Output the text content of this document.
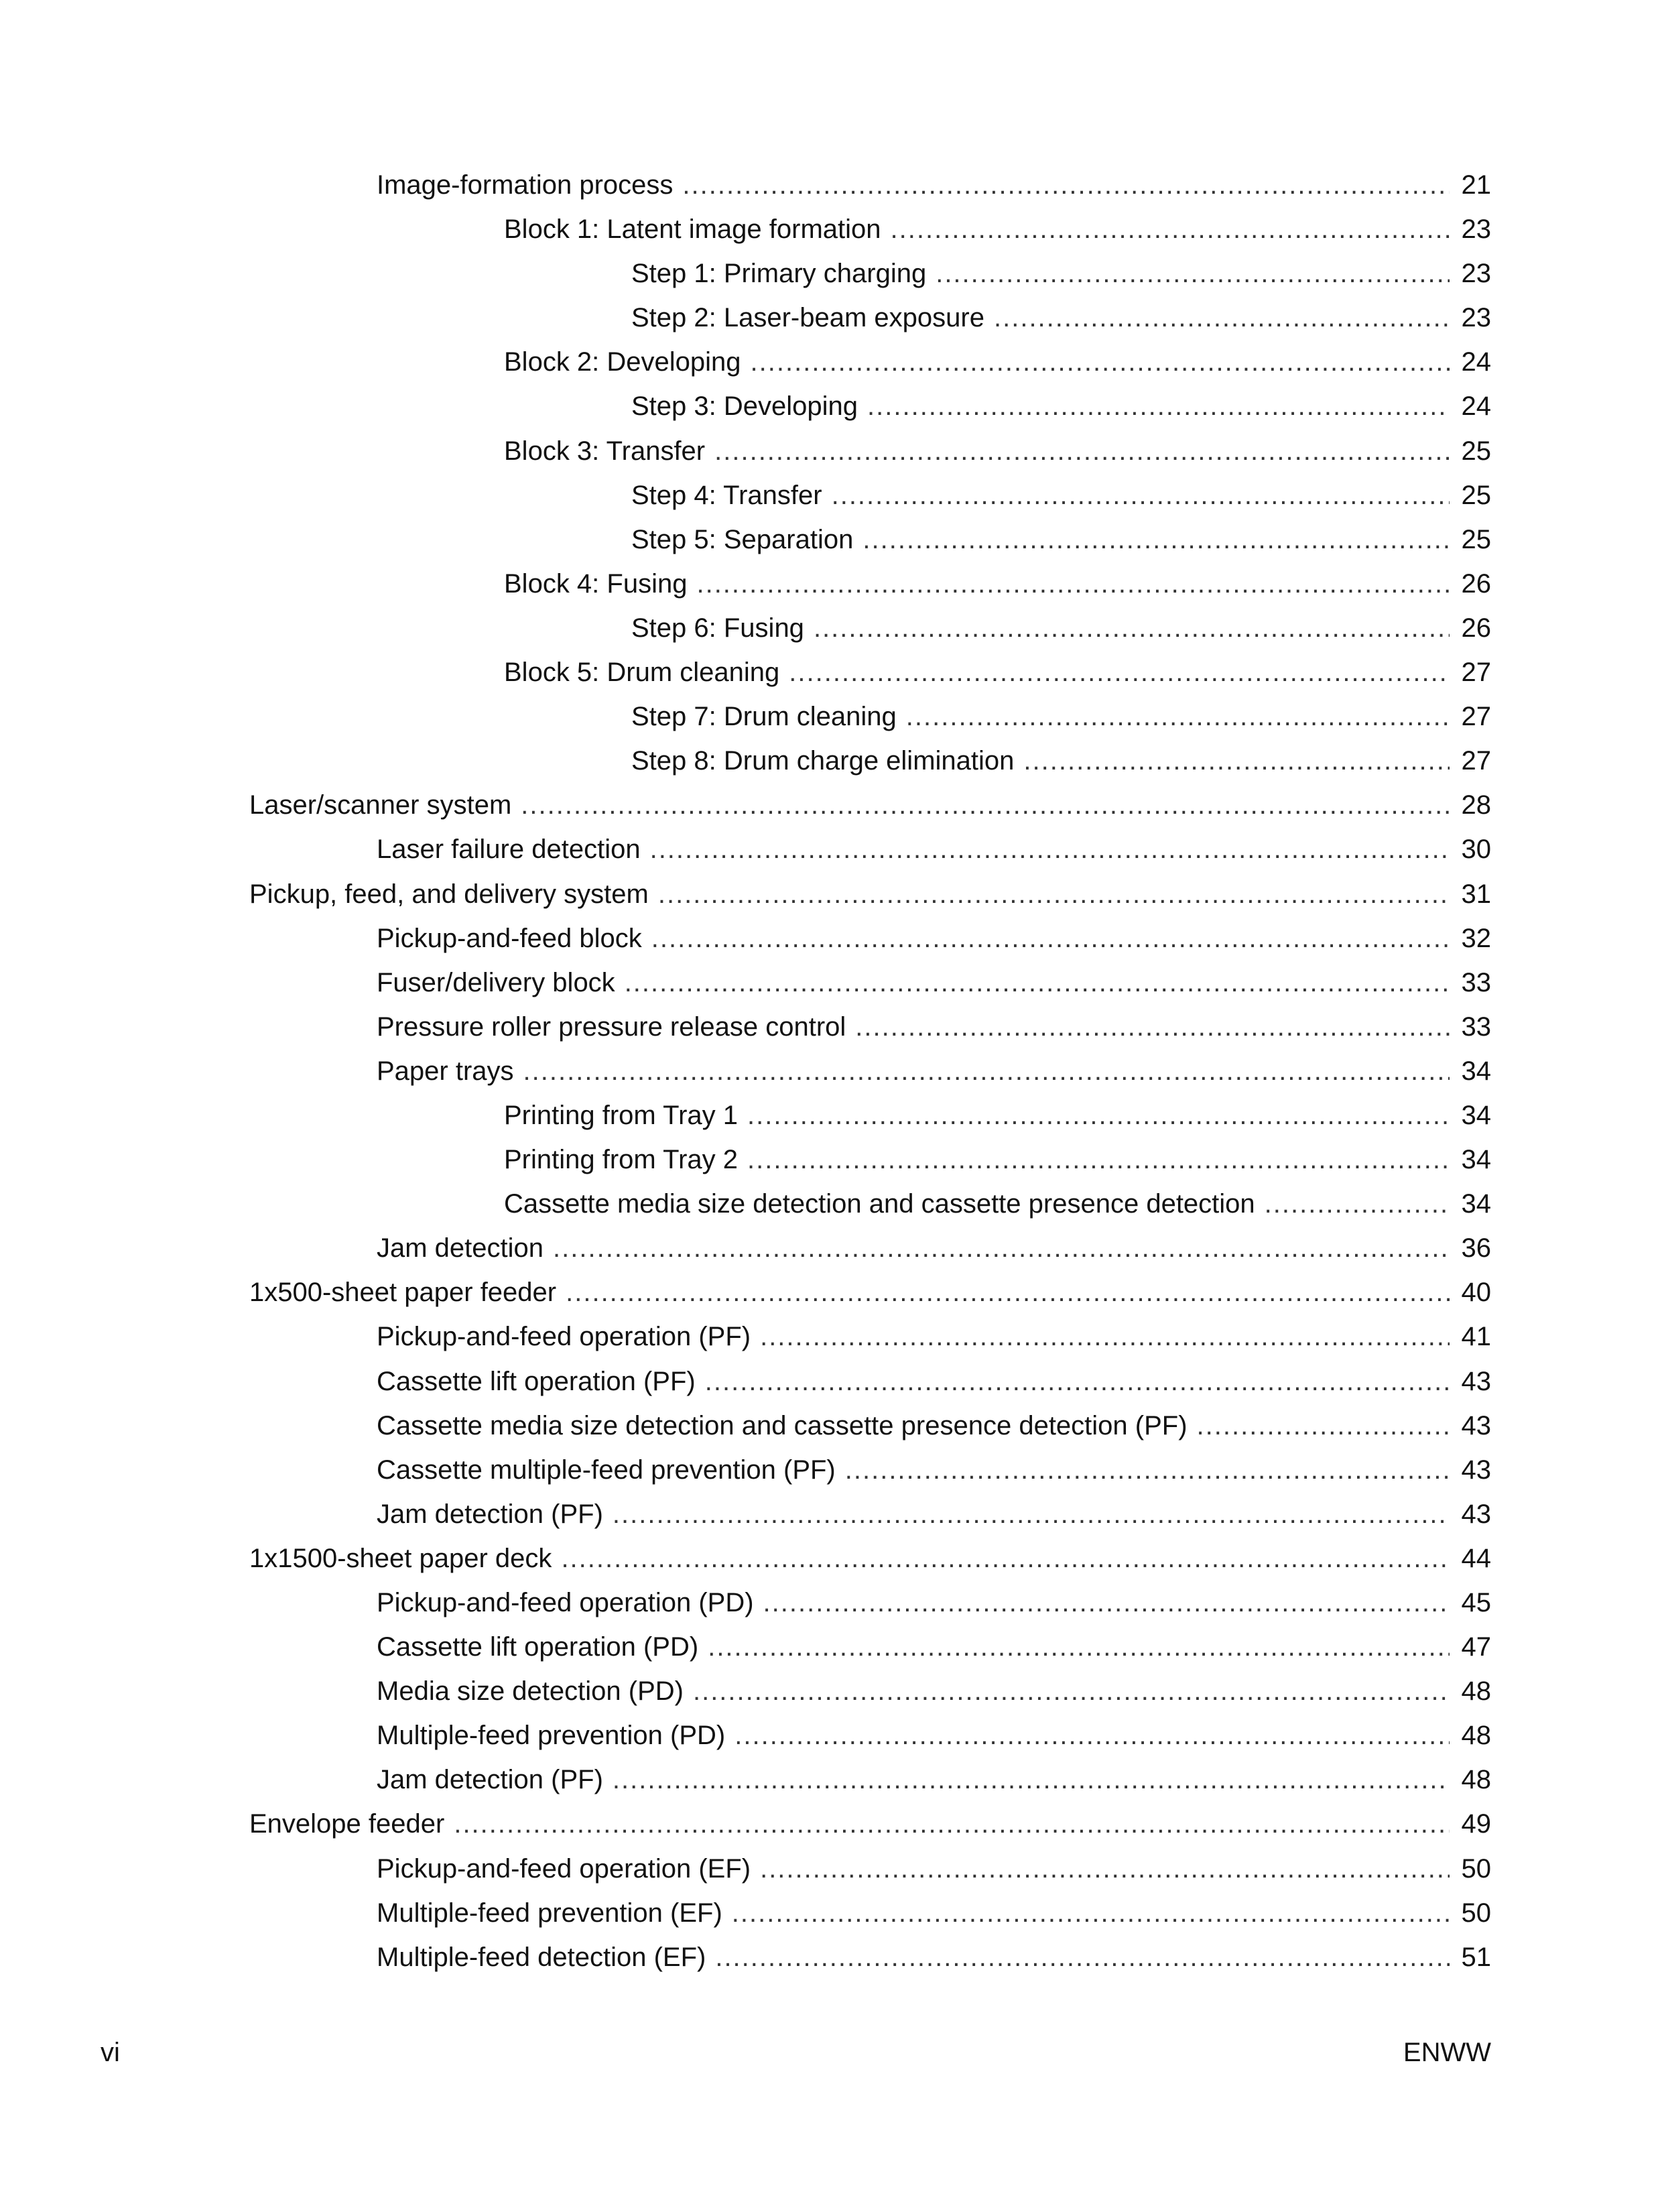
Image-formation process .....	21
Block 1: Latent image formation .....	23
Step 1: Primary charging .....	23
Step 2: Laser-beam exposure .....	23
Block 2: Developing .....	24
Step 3: Developing .....	24
Block 3: Transfer .....	25
Step 4: Transfer .....	25
Step 5: Separation .....	25
Block 4: Fusing .....	26
Step 6: Fusing .....	26
Block 5: Drum cleaning .....	27
Step 7: Drum cleaning .....	27
Step 8: Drum charge elimination .....	27
Laser/scanner system .....	28
Laser failure detection .....	30
Pickup, feed, and delivery system .....	31
Pickup-and-feed block .....	32
Fuser/delivery block .....	33
Pressure roller pressure release control .....	33
Paper trays .....	34
Printing from Tray 1 .....	34
Printing from Tray 2 .....	34
Cassette media size detection and cassette presence detection .....	34
Jam detection .....	36
1x500-sheet paper feeder .....	40
Pickup-and-feed operation (PF) .....	41
Cassette lift operation (PF) .....	43
Cassette media size detection and cassette presence detection (PF) .....	43
Cassette multiple-feed prevention (PF) .....	43
Jam detection (PF) .....	43
1x1500-sheet paper deck .....	44
Pickup-and-feed operation (PD) .....	45
Cassette lift operation (PD) .....	47
Media size detection (PD) .....	48
Multiple-feed prevention (PD) .....	48
Jam detection (PF) .....	48
Envelope feeder .....	49
Pickup-and-feed operation (EF) .....	50
Multiple-feed prevention (EF) .....	50
Multiple-feed detection (EF) .....	51
vi	ENWW
